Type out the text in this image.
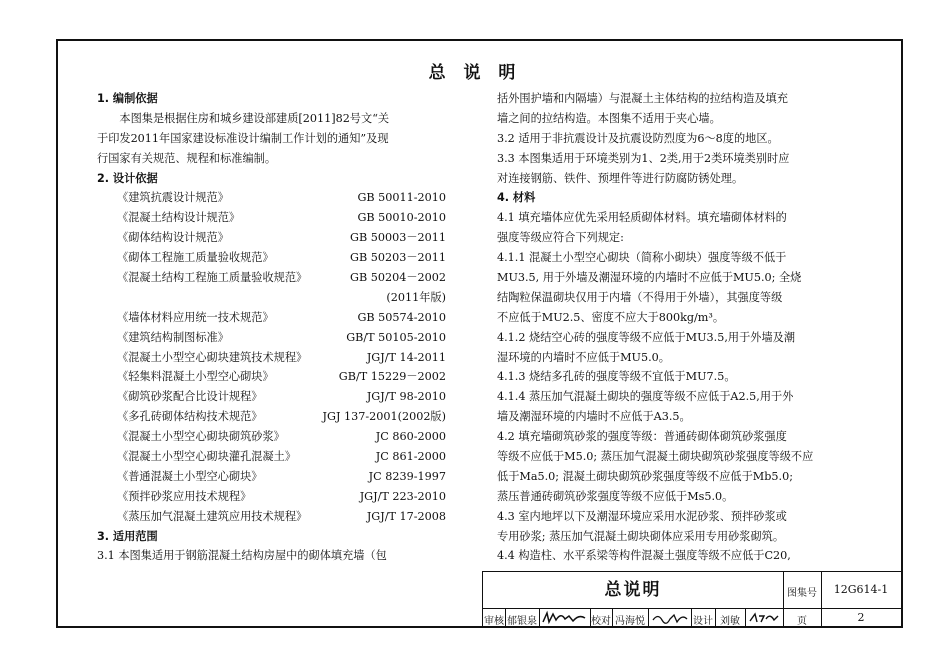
总 说 明
1. 编制依据
　　本图集是根据住房和城乡建设部建质[2011]82号文“关
于印发2011年国家建设标准设计编制工作计划的通知”及现
行国家有关规范、规程和标准编制。
2. 设计依据
《建筑抗震设计规范》	GB 50011-2010
《混凝土结构设计规范》	GB 50010-2010
《砌体结构设计规范》	GB 50003－2011
《砌体工程施工质量验收规范》	GB 50203－2011
《混凝土结构工程施工质量验收规范》	GB 50204－2002
(2011年版)
《墙体材料应用统一技术规范》	GB 50574-2010
《建筑结构制图标准》	GB/T 50105-2010
《混凝土小型空心砌块建筑技术规程》	JGJ/T 14-2011
《轻集料混凝土小型空心砌块》	GB/T 15229－2002
《砌筑砂浆配合比设计规程》	JGJ/T 98-2010
《多孔砖砌体结构技术规范》	JGJ 137-2001(2002版)
《混凝土小型空心砌块砌筑砂浆》	JC 860-2000
《混凝土小型空心砌块灌孔混凝土》	JC 861-2000
《普通混凝土小型空心砌块》	JC 8239-1997
《预拌砂浆应用技术规程》	JGJ/T 223-2010
《蒸压加气混凝土建筑应用技术规程》	JGJ/T 17-2008
3. 适用范围
3.1 本图集适用于钢筋混凝土结构房屋中的砌体填充墙（包
括外围护墙和内隔墙）与混凝土主体结构的拉结构造及填充
墙之间的拉结构造。本图集不适用于夹心墙。
3.2 适用于非抗震设计及抗震设防烈度为6～8度的地区。
3.3 本图集适用于环境类别为1、2类,用于2类环境类别时应
对连接钢筋、铁件、预埋件等进行防腐防锈处理。
4. 材料
4.1 填充墙体应优先采用轻质砌体材料。填充墙砌体材料的
强度等级应符合下列规定:
4.1.1 混凝土小型空心砌块（简称小砌块）强度等级不低于
MU3.5, 用于外墙及潮湿环境的内墙时不应低于MU5.0; 全烧
结陶粒保温砌块仅用于内墙（不得用于外墙），其强度等级
不应低于MU2.5、密度不应大于800kg/m³。
4.1.2 烧结空心砖的强度等级不应低于MU3.5,用于外墙及潮
湿环境的内墙时不应低于MU5.0。
4.1.3 烧结多孔砖的强度等级不宜低于MU7.5。
4.1.4 蒸压加气混凝土砌块的强度等级不应低于A2.5,用于外
墙及潮湿环境的内墙时不应低于A3.5。
4.2 填充墙砌筑砂浆的强度等级：普通砖砌体砌筑砂浆强度
等级不应低于M5.0; 蒸压加气混凝土砌块砌筑砂浆强度等级不应
低于Ma5.0; 混凝土砌块砌筑砂浆强度等级不应低于Mb5.0;
蒸压普通砖砌筑砂浆强度等级不应低于Ms5.0。
4.3 室内地坪以下及潮湿环境应采用水泥砂浆、预拌砂浆或
专用砂浆; 蒸压加气混凝土砌块砌体应采用专用砂浆砌筑。
4.4 构造柱、水平系梁等构件混凝土强度等级不应低于C20,
总说明	图集号	12G614-1
页	2
审核 郁银泉	校对 冯海悦	设计 刘敏
